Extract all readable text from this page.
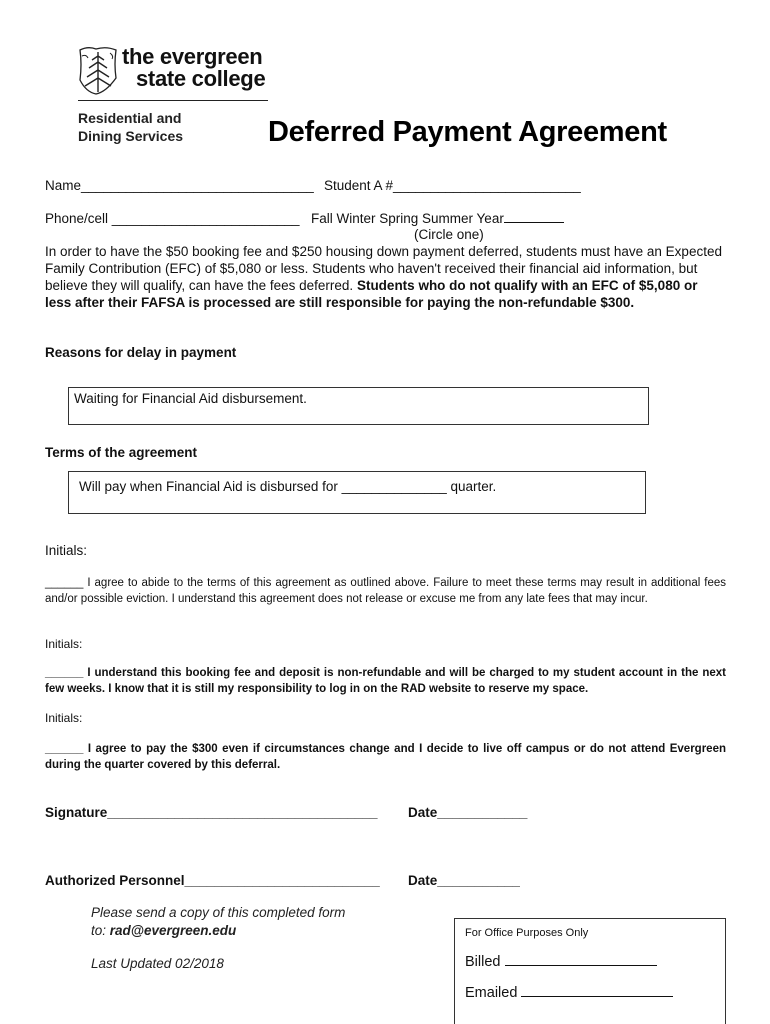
the evergreen
state college
Residential and
Dining Services	Deferred Payment Agreement
Name_______________________________ Student A #_________________________
Phone/cell _________________________ Fall Winter Spring Summer Year
(Circle one)
In order to have the $50 booking fee and $250 housing down payment deferred, students must have an Expected Family Contribution (EFC) of $5,080 or less. Students who haven't received their financial aid information, but believe they will qualify, can have the fees deferred. Students who do not qualify with an EFC of $5,080 or less after their FAFSA is processed are still responsible for paying the non-refundable $300.
Reasons for delay in payment
Waiting for Financial Aid disbursement.
Terms of the agreement
Will pay when Financial Aid is disbursed for ______________ quarter.
Initials:
______ I agree to abide to the terms of this agreement as outlined above. Failure to meet these terms may result in additional fees and/or possible eviction. I understand this agreement does not release or excuse me from any late fees that may incur.
Initials:
______ I understand this booking fee and deposit is non-refundable and will be charged to my student account in the next few weeks. I know that it is still my responsibility to log in on the RAD website to reserve my space.
Initials:
______ I agree to pay the $300 even if circumstances change and I decide to live off campus or do not attend Evergreen during the quarter covered by this deferral.
Signature____________________________________ Date____________
Authorized Personnel__________________________ Date___________
Please send a copy of this completed form
to: rad@evergreen.edu
Last Updated 02/2018
For Office Purposes Only
Billed
Emailed
